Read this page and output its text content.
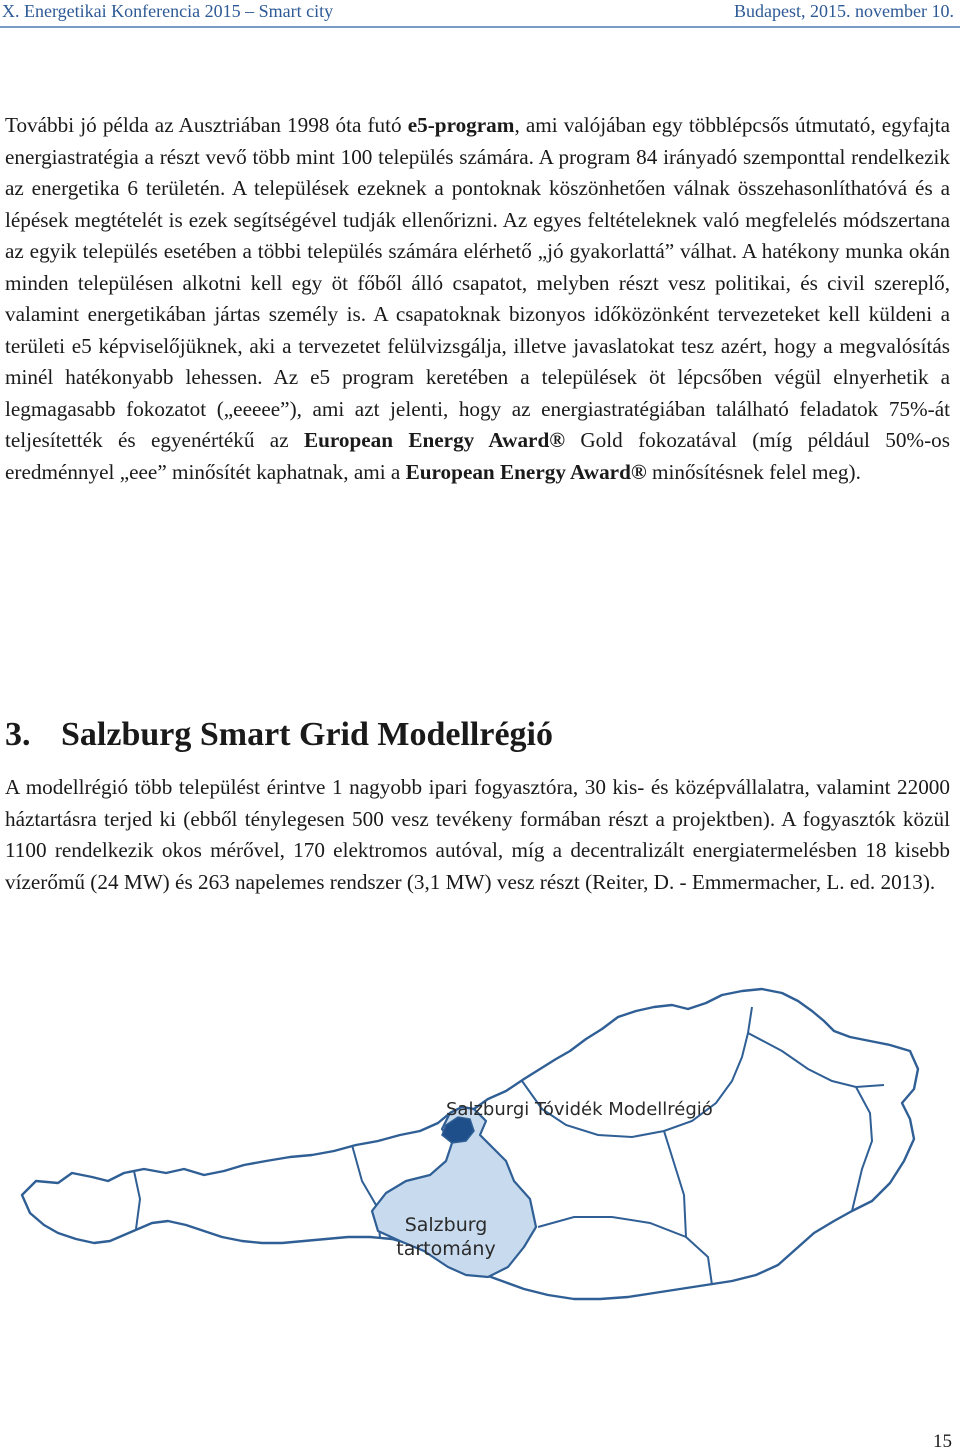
X. Energetikai Konferencia 2015 – Smart city	Budapest, 2015. november 10.

További jó példa az Ausztriában 1998 óta futó e5-program, ami valójában egy többlépcsős útmutató, egyfajta energiastratégia a részt vevő több mint 100 település számára. A program 84 irányadó szemponttal rendelkezik az energetika 6 területén. A települések ezeknek a pontoknak köszönhetően válnak összehasonlíthatóvá és a lépések megtételét is ezek segítségével tudják ellenőrizni. Az egyes feltételeknek való megfelelés módszertana az egyik település esetében a többi település számára elérhető „jó gyakorlattá” válhat. A hatékony munka okán minden településen alkotni kell egy öt főből álló csapatot, melyben részt vesz politikai, és civil szereplő, valamint energetikában jártas személy is. A csapatoknak bizonyos időközönként tervezeteket kell küldeni a területi e5 képviselőjüknek, aki a tervezetet felülvizsgálja, illetve javaslatokat tesz azért, hogy a megvalósítás minél hatékonyabb lehessen. Az e5 program keretében a települések öt lépcsőben végül elnyerhetik a legmagasabb fokozatot („eeeee”), ami azt jelenti, hogy az energiastratégiában található feladatok 75%-át teljesítették és egyenértékű az European Energy Award® Gold fokozatával (míg például 50%-os eredménnyel „eee” minősítét kaphatnak, ami a European Energy Award® minősítésnek felel meg).

3. Salzburg Smart Grid Modellrégió

A modellrégió több települést érintve 1 nagyobb ipari fogyasztóra, 30 kis- és középvállalatra, valamint 22000 háztartásra terjed ki (ebből ténylegesen 500 vesz tevékeny formában részt a projektben). A fogyasztók közül 1100 rendelkezik okos mérővel, 170 elektromos autóval, míg a decentralizált energiatermelésben 18 kisebb vízerőmű (24 MW) és 263 napelemes rendszer (3,1 MW) vesz részt (Reiter, D. - Emmermacher, L. ed. 2013).

Salzburgi Tóvidék Modellrégió
Salzburg tartomány
15
